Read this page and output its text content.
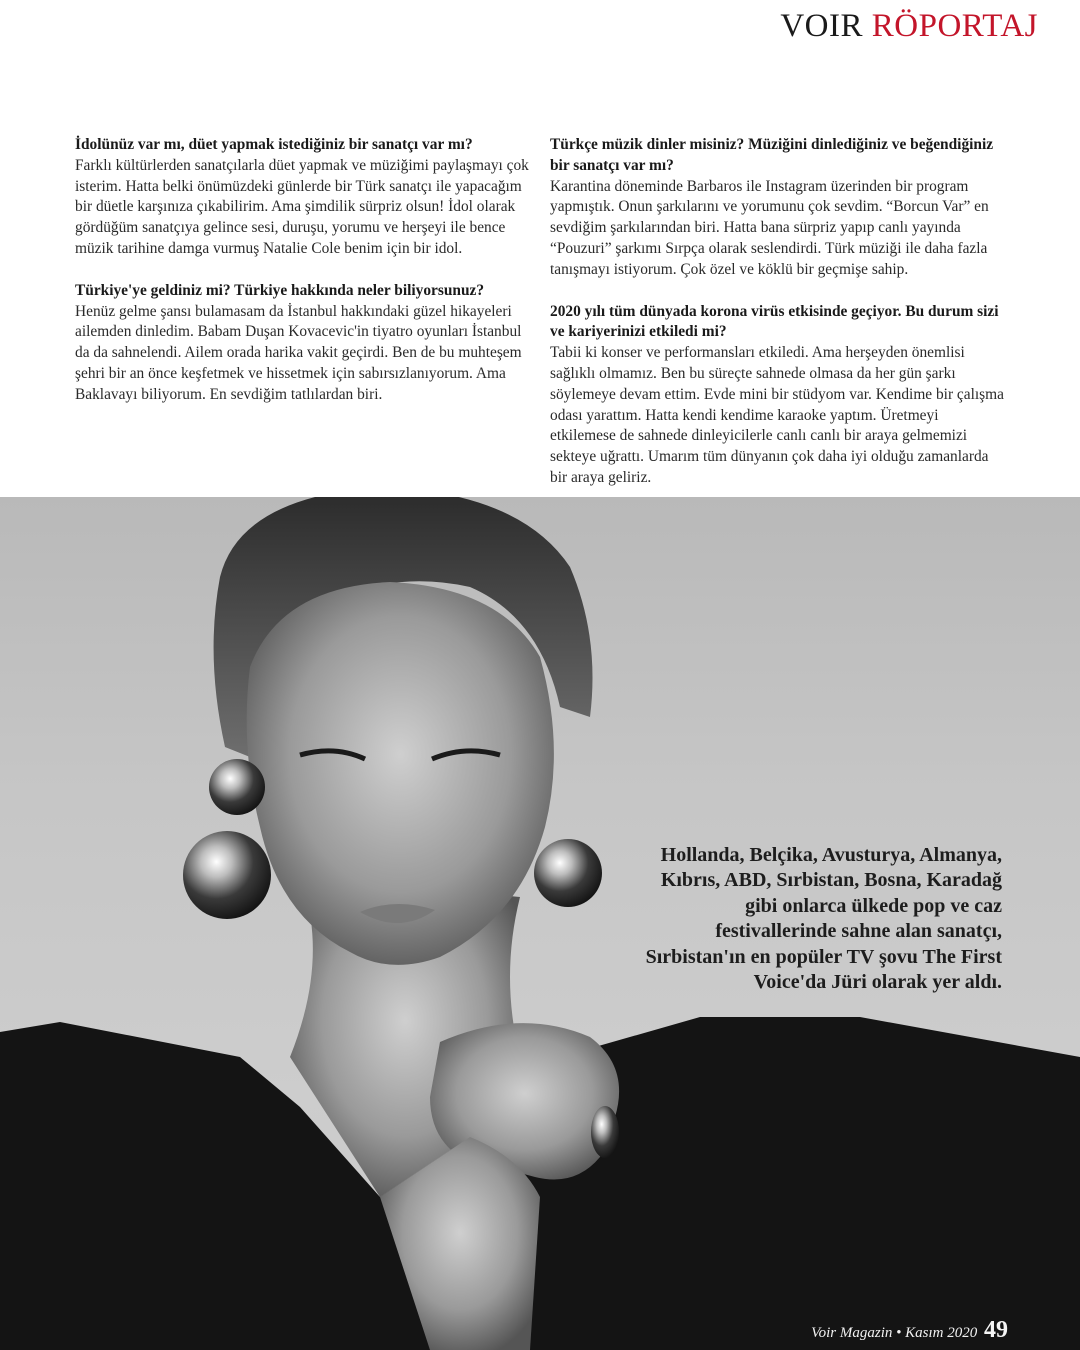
VOIR RÖPORTAJ
İdolünüz var mı, düet yapmak istediğiniz bir sanatçı var mı?
Farklı kültürlerden sanatçılarla düet yapmak ve müziğimi paylaşmayı çok isterim. Hatta belki önümüzdeki günlerde bir Türk sanatçı ile yapacağım bir düetle karşınıza çıkabilirim. Ama şimdilik sürpriz olsun! İdol olarak gördüğüm sanatçıya gelince sesi, duruşu, yorumu ve herşeyi ile bence müzik tarihine damga vurmuş Natalie Cole benim için bir idol.
Türkiye'ye geldiniz mi? Türkiye hakkında neler biliyorsunuz?
Henüz gelme şansı bulamasam da İstanbul hakkındaki güzel hikayeleri ailemden dinledim. Babam Duşan Kovacevic'in tiyatro oyunları İstanbul da da sahnelendi. Ailem orada harika vakit geçirdi. Ben de bu muhteşem şehri bir an önce keşfetmek ve hissetmek için sabırsızlanıyorum. Ama Baklavayı biliyorum. En sevdiğim tatlılardan biri.
Türkçe müzik dinler misiniz? Müziğini dinlediğiniz ve beğendiğiniz bir sanatçı var mı?
Karantina döneminde Barbaros ile Instagram üzerinden bir program yapmıştık. Onun şarkılarını ve yorumunu çok sevdim. “Borcun Var” en sevdiğim şarkılarından biri. Hatta bana sürpriz yapıp canlı yayında “Pouzuri” şarkımı Sırpça olarak seslendirdi. Türk müziği ile daha fazla tanışmayı istiyorum. Çok özel ve köklü bir geçmişe sahip.
2020 yılı tüm dünyada korona virüs etkisinde geçiyor. Bu durum sizi ve kariyerinizi etkiledi mi?
Tabii ki konser ve performansları etkiledi. Ama herşeyden önemlisi sağlıklı olmamız. Ben bu süreçte sahnede olmasa da her gün şarkı söylemeye devam ettim. Evde mini bir stüdyom var. Kendime bir çalışma odası yarattım. Hatta kendi kendime karaoke yaptım. Üretmeyi etkilemese de sahnede dinleyicilerle canlı canlı bir araya gelmemizi sekteye uğrattı. Umarım tüm dünyanın çok daha iyi olduğu zamanlarda bir araya geliriz.
Hollanda, Belçika, Avusturya, Almanya, Kıbrıs, ABD, Sırbistan, Bosna, Karadağ gibi onlarca ülkede pop ve caz festivallerinde sahne alan sanatçı, Sırbistan'ın en popüler TV şovu The First Voice'da Jüri olarak yer aldı.
Voir Magazin • Kasım 2020 49
